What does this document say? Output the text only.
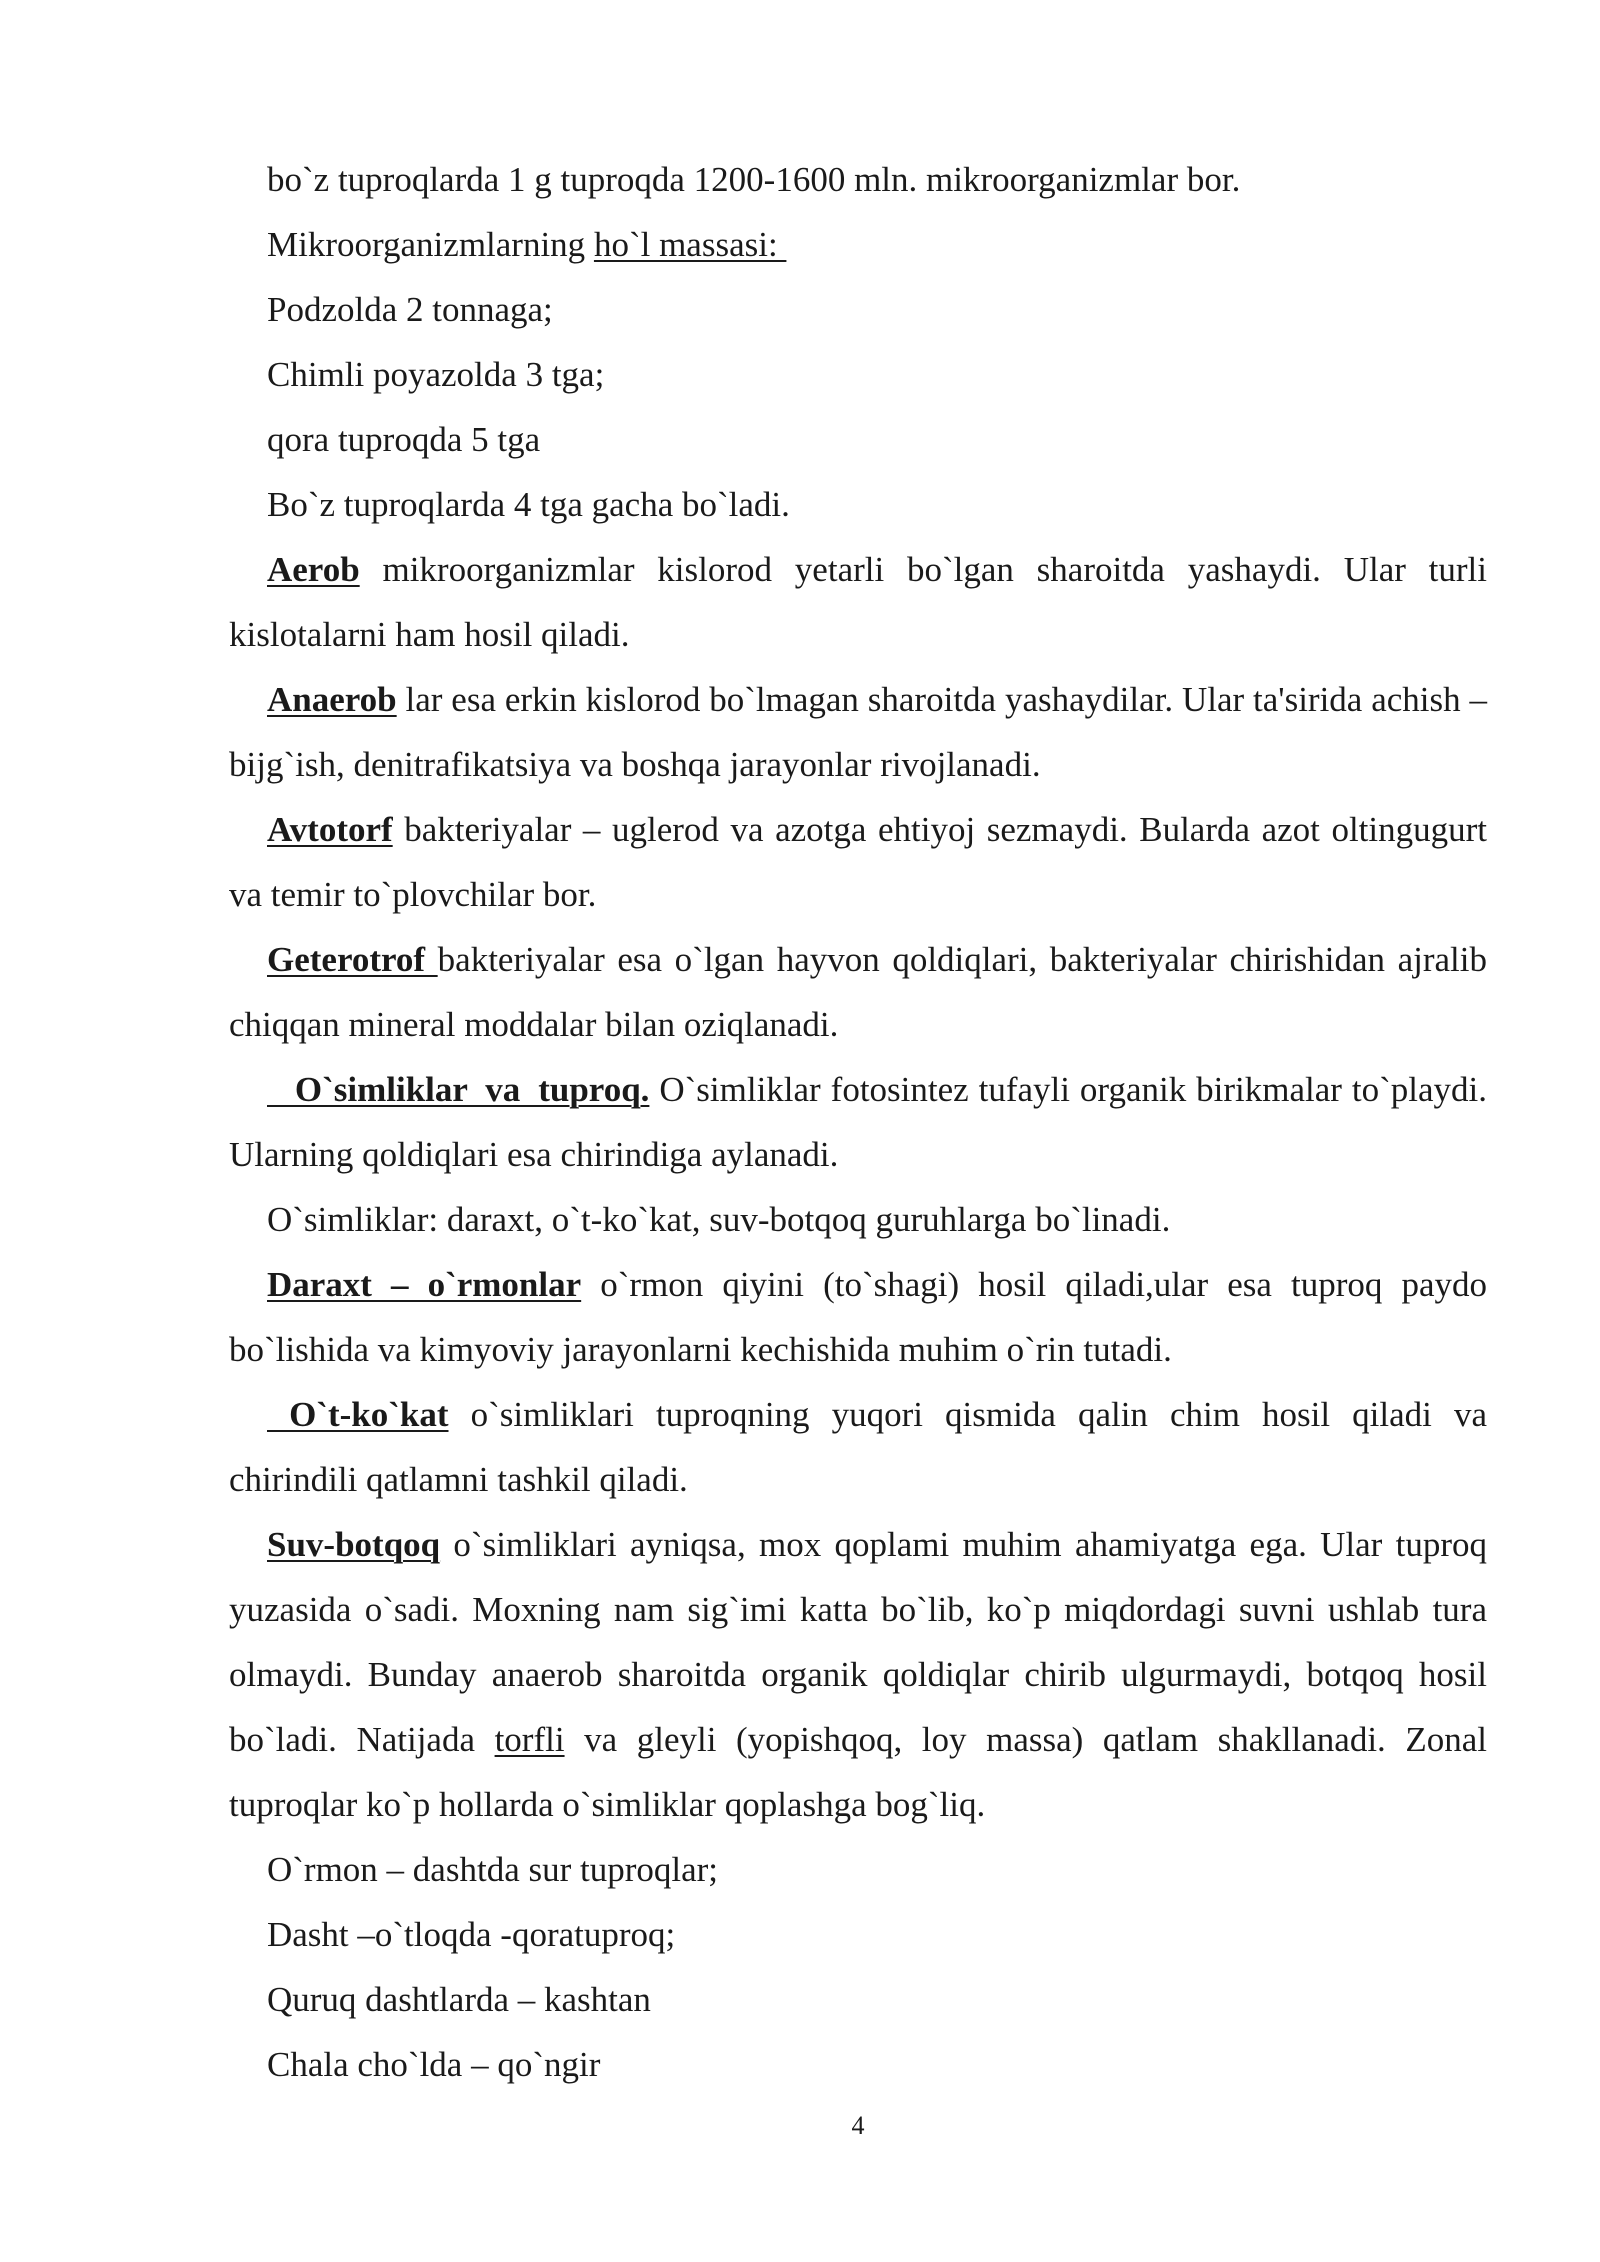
bo`z tuproqlarda 1 g tuproqda 1200-1600 mln. mikroorganizmlar bor.

Mikroorganizmlarning ho`l massasi:

Podzolda 2 tonnaga;

Chimli poyazolda 3 tga;

qora tuproqda 5 tga

Bo`z tuproqlarda 4 tga gacha bo`ladi.

Aerob mikroorganizmlar kislorod yetarli bo`lgan sharoitda yashaydi. Ular turli kislotalarni ham hosil qiladi.

Anaerob lar esa erkin kislorod bo`lmagan sharoitda yashaydilar. Ular ta'sirida achish – bijg`ish, denitrafikatsiya va boshqa jarayonlar rivojlanadi.

Avtotorf bakteriyalar – uglerod va azotga ehtiyoj sezmaydi. Bularda azot oltingugurt va temir to`plovchilar bor.

Geterotrof bakteriyalar esa o`lgan hayvon qoldiqlari, bakteriyalar chirishidan ajralib chiqqan mineral moddalar bilan oziqlanadi.

O`simliklar va tuproq. O`simliklar fotosintez tufayli organik birikmalar to`playdi. Ularning qoldiqlari esa chirindiga aylanadi.

O`simliklar: daraxt, o`t-ko`kat, suv-botqoq guruhlarga bo`linadi.

Daraxt – o`rmonlar o`rmon qiyini (to`shagi) hosil qiladi,ular esa tuproq paydo bo`lishida va kimyoviy jarayonlarni kechishida muhim o`rin tutadi.

O`t-ko`kat o`simliklari tuproqning yuqori qismida qalin chim hosil qiladi va chirindili qatlamni tashkil qiladi.

Suv-botqoq o`simliklari ayniqsa, mox qoplami muhim ahamiyatga ega. Ular tuproq yuzasida o`sadi. Moxning nam sig`imi katta bo`lib, ko`p miqdordagi suvni ushlab tura olmaydi. Bunday anaerob sharoitda organik qoldiqlar chirib ulgurmaydi, botqoq hosil bo`ladi. Natijada torfli va gleyli (yopishqoq, loy massa) qatlam shakllanadi. Zonal tuproqlar ko`p hollarda o`simliklar qoplashga bog`liq.

O`rmon – dashtda sur tuproqlar;

Dasht –o`tloqda -qoratuproq;

Quruq dashtlarda – kashtan

Chala cho`lda – qo`ngir

4
